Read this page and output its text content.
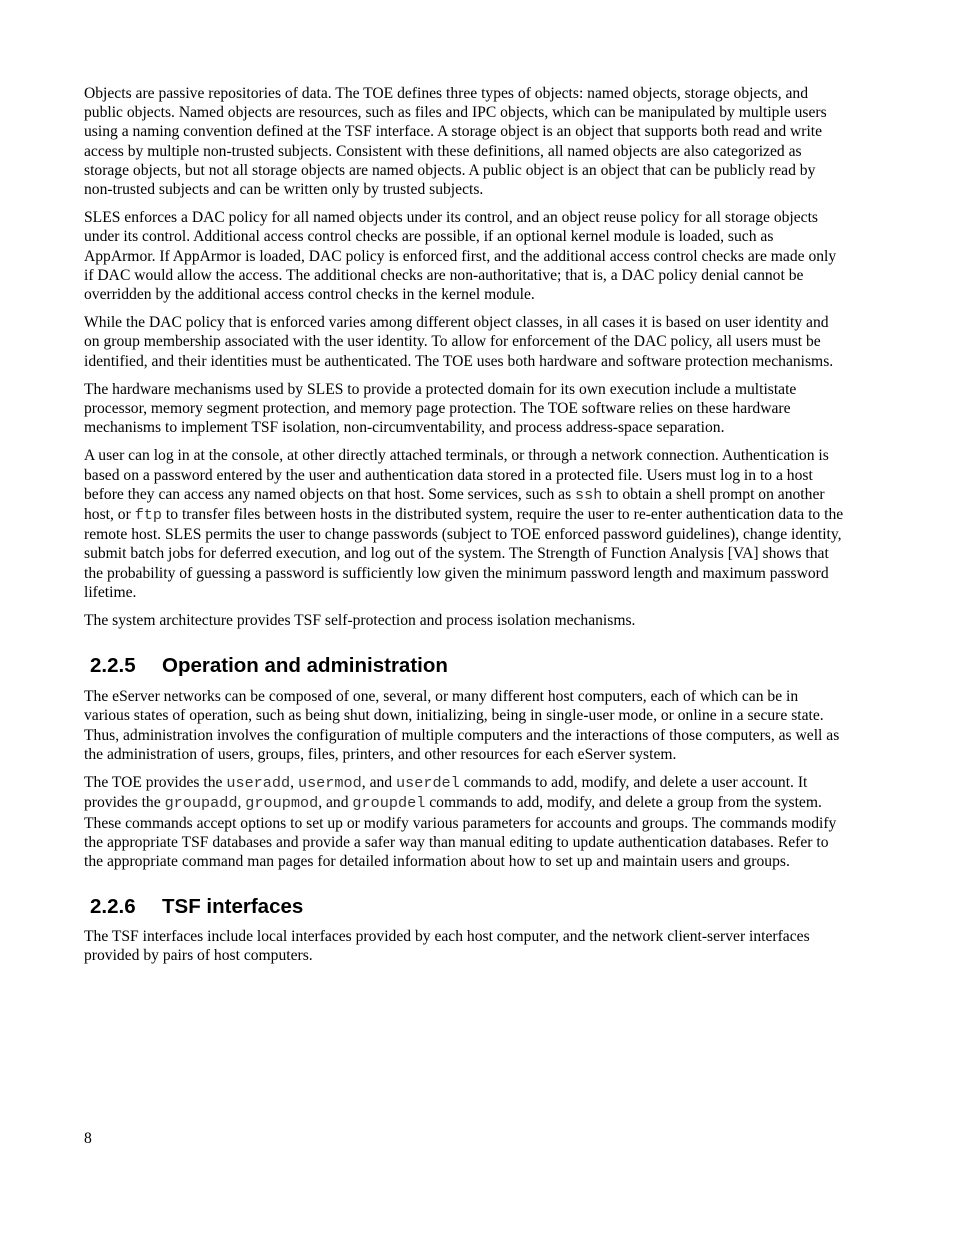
Objects are passive repositories of data. The TOE defines three types of objects: named objects, storage objects, and public objects. Named objects are resources, such as files and IPC objects, which can be manipulated by multiple users using a naming convention defined at the TSF interface. A storage object is an object that supports both read and write access by multiple non-trusted subjects. Consistent with these definitions, all named objects are also categorized as storage objects, but not all storage objects are named objects. A public object is an object that can be publicly read by non-trusted subjects and can be written only by trusted subjects.

SLES enforces a DAC policy for all named objects under its control, and an object reuse policy for all storage objects under its control. Additional access control checks are possible, if an optional kernel module is loaded, such as AppArmor. If AppArmor is loaded, DAC policy is enforced first, and the additional access control checks are made only if DAC would allow the access. The additional checks are non-authoritative; that is, a DAC policy denial cannot be overridden by the additional access control checks in the kernel module.

While the DAC policy that is enforced varies among different object classes, in all cases it is based on user identity and on group membership associated with the user identity. To allow for enforcement of the DAC policy, all users must be identified, and their identities must be authenticated. The TOE uses both hardware and software protection mechanisms.

The hardware mechanisms used by SLES to provide a protected domain for its own execution include a multistate processor, memory segment protection, and memory page protection. The TOE software relies on these hardware mechanisms to implement TSF isolation, non-circumventability, and process address-space separation.

A user can log in at the console, at other directly attached terminals, or through a network connection. Authentication is based on a password entered by the user and authentication data stored in a protected file. Users must log in to a host before they can access any named objects on that host. Some services, such as ssh to obtain a shell prompt on another host, or ftp to transfer files between hosts in the distributed system, require the user to re-enter authentication data to the remote host. SLES permits the user to change passwords (subject to TOE enforced password guidelines), change identity, submit batch jobs for deferred execution, and log out of the system. The Strength of Function Analysis [VA] shows that the probability of guessing a password is sufficiently low given the minimum password length and maximum password lifetime.

The system architecture provides TSF self-protection and process isolation mechanisms.

2.2.5 Operation and administration

The eServer networks can be composed of one, several, or many different host computers, each of which can be in various states of operation, such as being shut down, initializing, being in single-user mode, or online in a secure state. Thus, administration involves the configuration of multiple computers and the interactions of those computers, as well as the administration of users, groups, files, printers, and other resources for each eServer system.

The TOE provides the useradd, usermod, and userdel commands to add, modify, and delete a user account. It provides the groupadd, groupmod, and groupdel commands to add, modify, and delete a group from the system. These commands accept options to set up or modify various parameters for accounts and groups. The commands modify the appropriate TSF databases and provide a safer way than manual editing to update authentication databases. Refer to the appropriate command man pages for detailed information about how to set up and maintain users and groups.

2.2.6 TSF interfaces

The TSF interfaces include local interfaces provided by each host computer, and the network client-server interfaces provided by pairs of host computers.

8
